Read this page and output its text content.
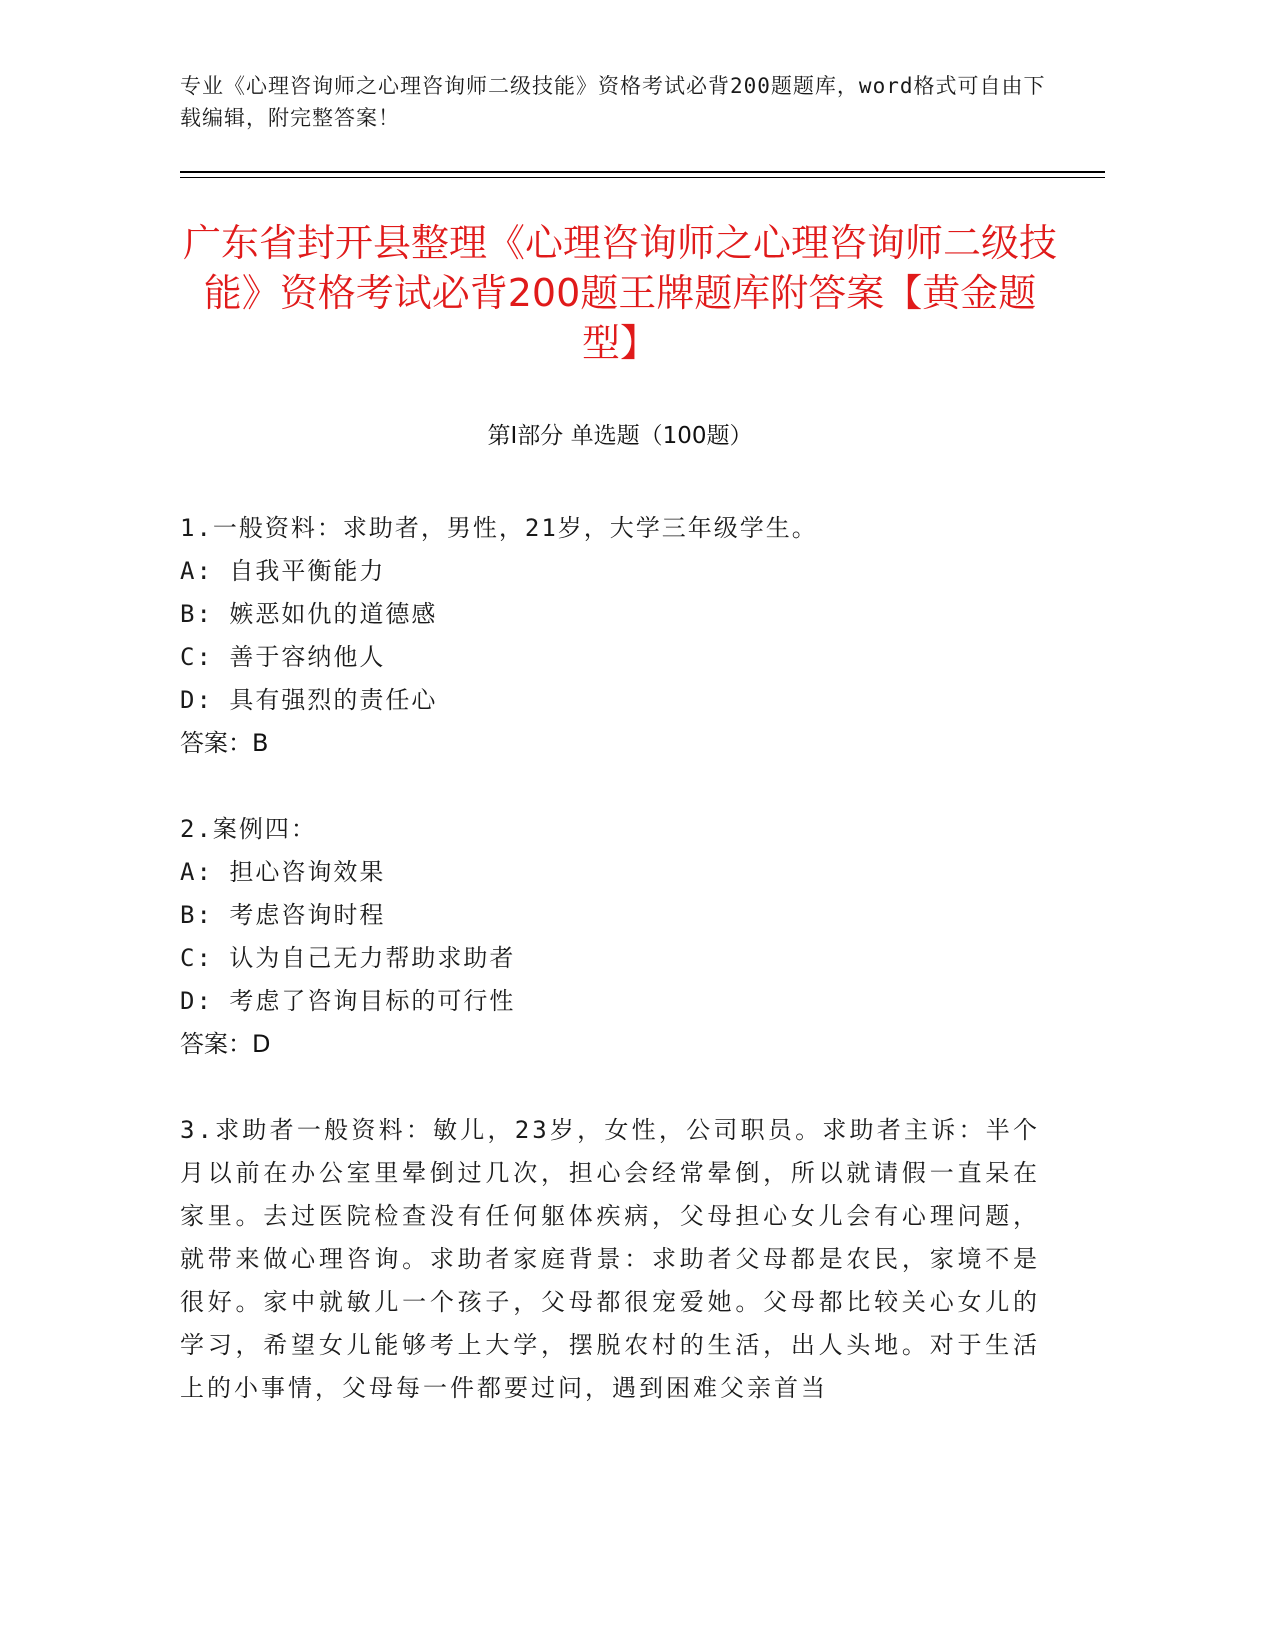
专业《心理咨询师之心理咨询师二级技能》资格考试必背200题题库，word格式可自由下载编辑，附完整答案！
广东省封开县整理《心理咨询师之心理咨询师二级技能》资格考试必背200题王牌题库附答案【黄金题型】
第Ⅰ部分 单选题（100题）
1.一般资料：求助者，男性，21岁，大学三年级学生。
A: 自我平衡能力
B: 嫉恶如仇的道德感
C: 善于容纳他人
D: 具有强烈的责任心
答案：B
2.案例四：
A: 担心咨询效果
B: 考虑咨询时程
C: 认为自己无力帮助求助者
D: 考虑了咨询目标的可行性
答案：D
3.求助者一般资料：敏儿，23岁，女性，公司职员。求助者主诉：半个月以前在办公室里晕倒过几次，担心会经常晕倒，所以就请假一直呆在家里。去过医院检查没有任何躯体疾病，父母担心女儿会有心理问题，就带来做心理咨询。求助者家庭背景：求助者父母都是农民，家境不是很好。家中就敏儿一个孩子，父母都很宠爱她。父母都比较关心女儿的学习，希望女儿能够考上大学，摆脱农村的生活，出人头地。对于生活上的小事情，父母每一件都要过问，遇到困难父亲首当
